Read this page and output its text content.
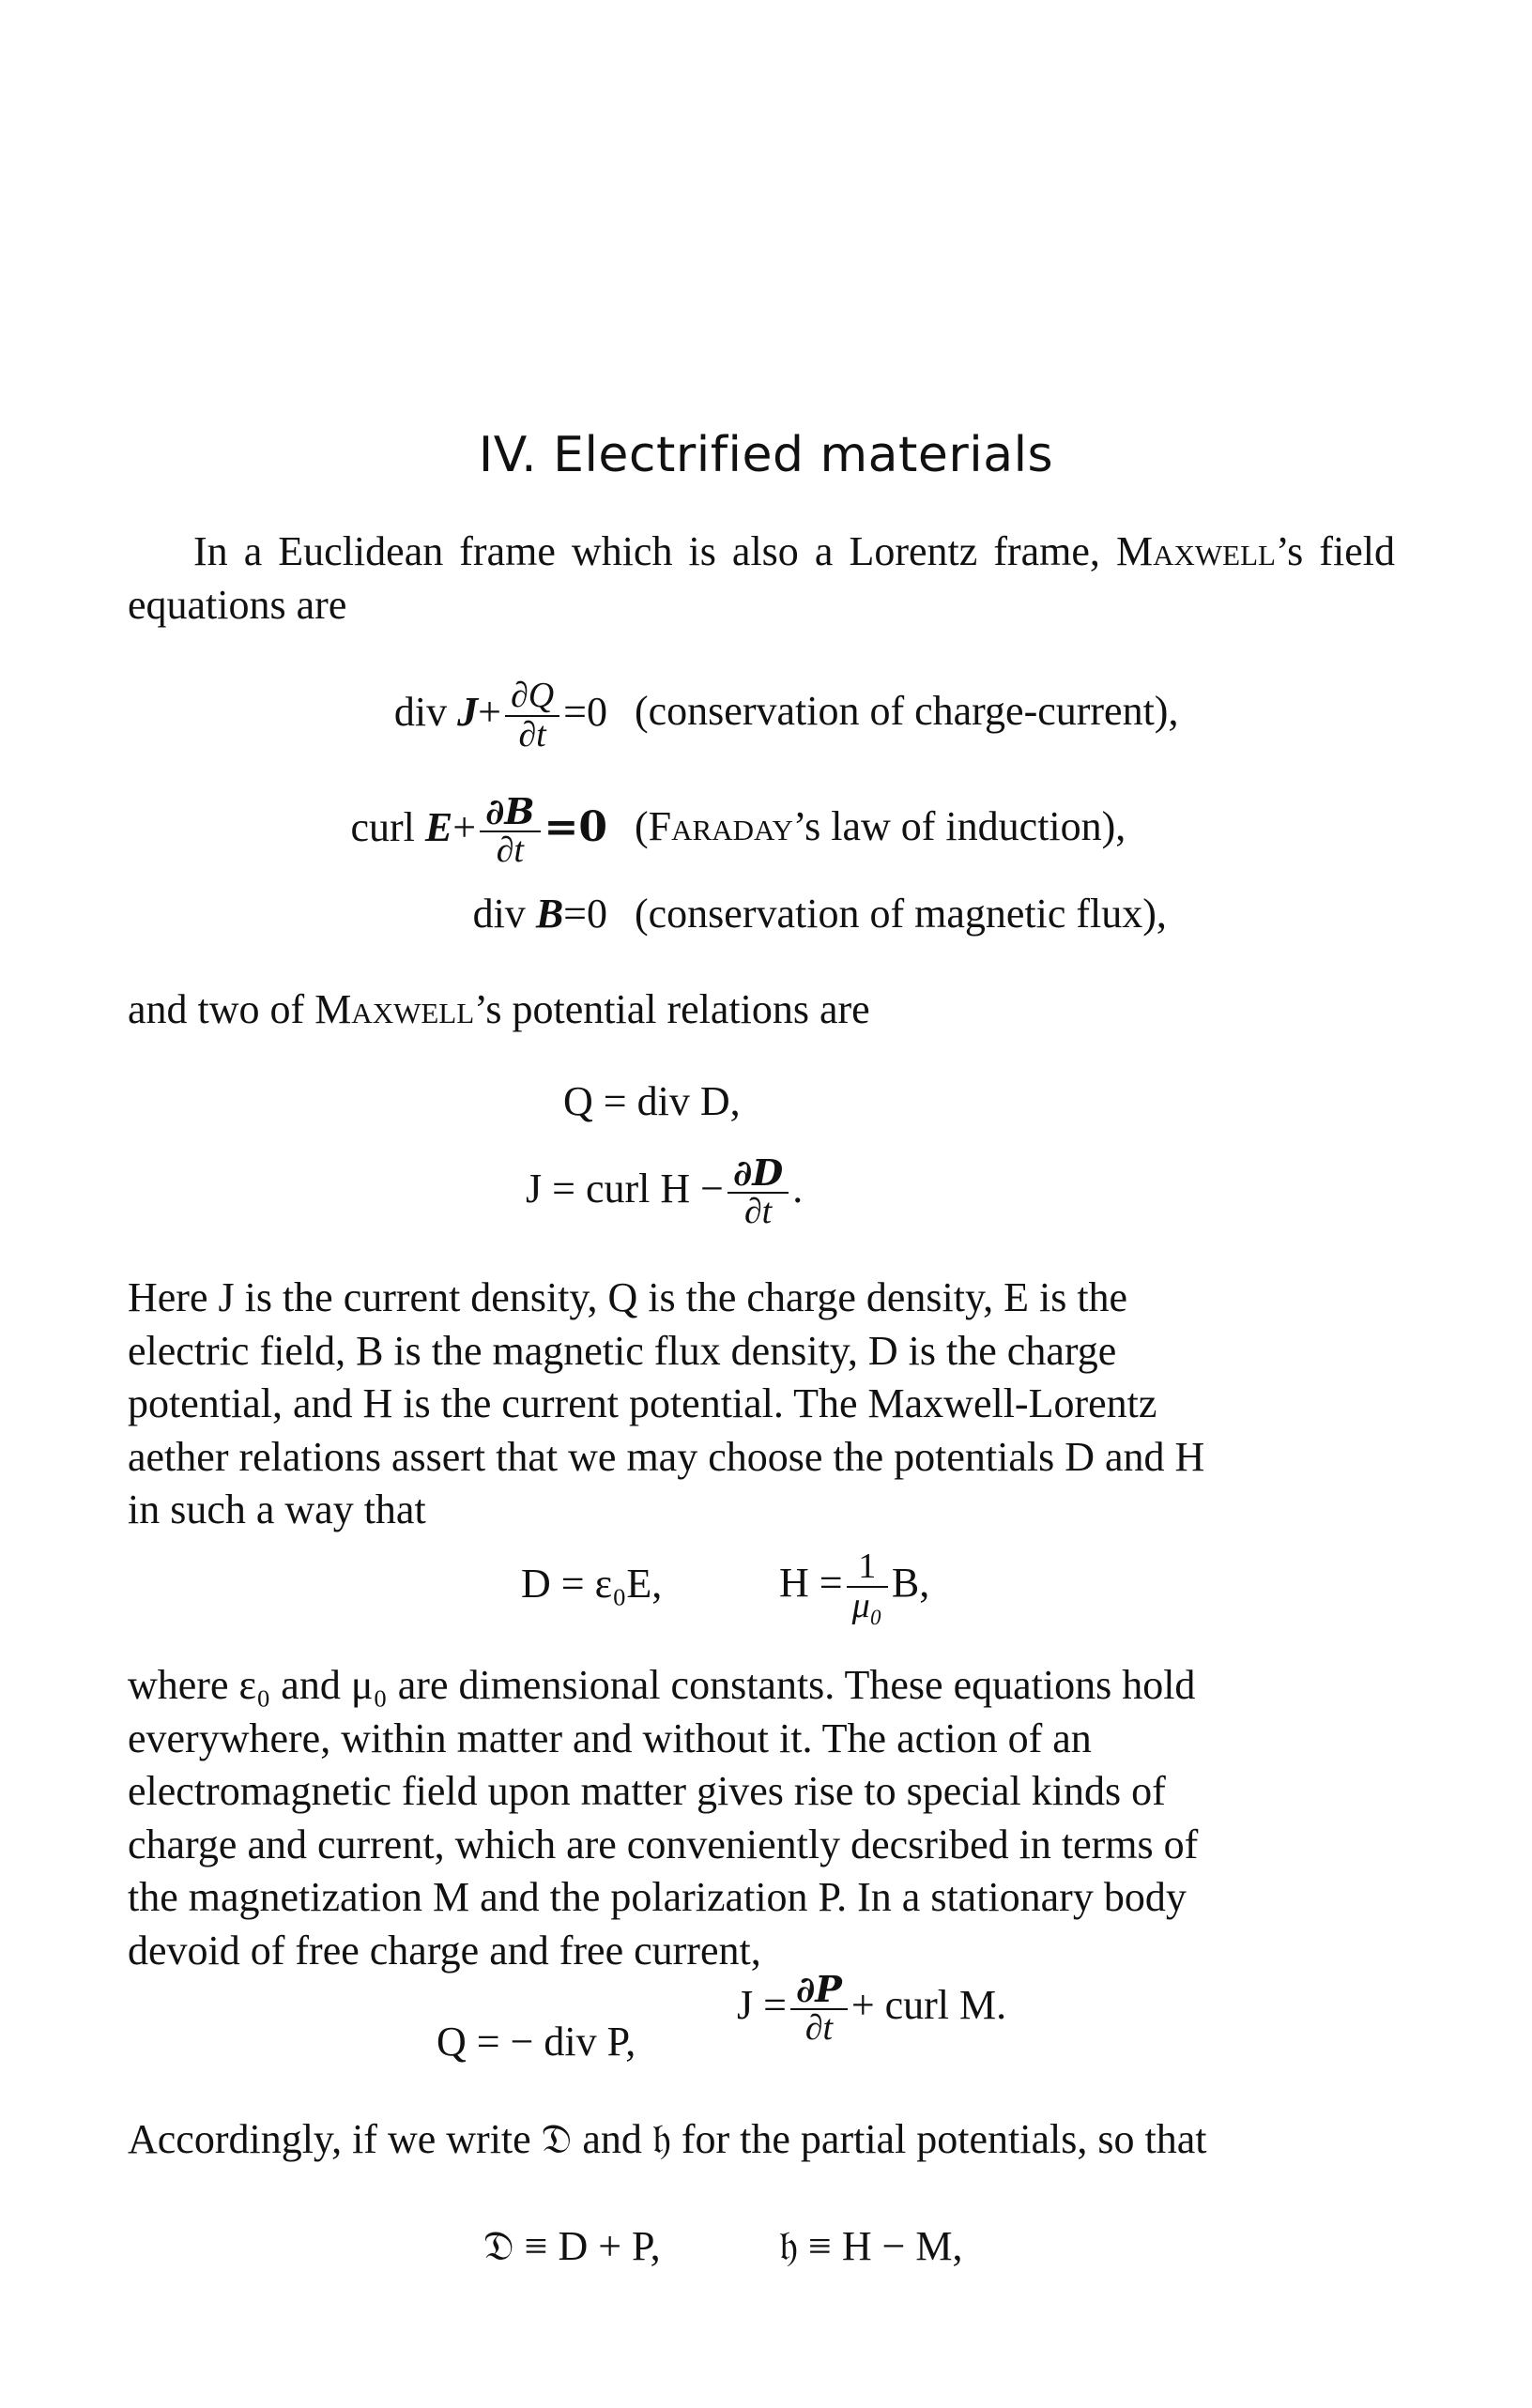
IV. Electrified materials

In a Euclidean frame which is also a Lorentz frame, Maxwell’s field equations are

div $J+ \frac{\partial Q}{\partial t} =0$ (conservation of charge-current),
curl $E+ \frac{\partial B}{\partial t} =0$ (Faraday’s law of induction),
div B=0 (conservation of magnetic flux),

and two of Maxwell’s potential relations are

Q = div D,
J = curl $H - \frac{\partial D}{\partial t}$ .

Here J is the current density, Q is the charge density, E is the

electric field, B is the magnetic flux density, D is the charge

potential, and H is the current potential. The Maxwell-Lorentz

aether relations assert that we may choose the potentials D and H

in such a way that

D = ε₀E,	$H = \frac{1}{\text{μ₀}} B$,

where ε₀ and μ₀ are dimensional constants. These equations hold

everywhere, within matter and without it. The action of an

electromagnetic field upon matter gives rise to special kinds of

charge and current, which are conveniently decsribed in terms of

the magnetization M and the polarization P. In a stationary body

devoid of free charge and free current,

Q = − div P,
$J = \frac{\partial P}{\partial t}$ + curl M.

Accordingly, if we write 𝔇 and 𝔥 for the partial potentials, so that

𝔇 ≡ D + P,	𝔥 ≡ H − M,
